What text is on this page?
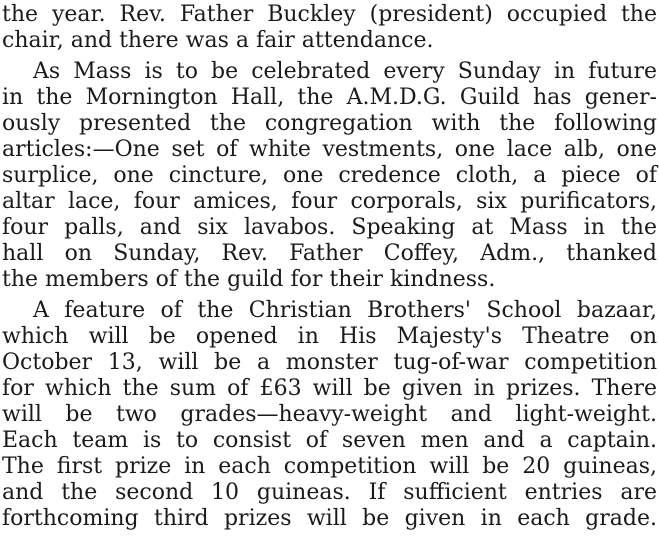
the year. Rev. Father Buckley (president) occupied the
chair, and there was a fair attendance.
As Mass is to be celebrated every Sunday in future
in the Mornington Hall, the A.M.D.G. Guild has gener-
ously presented the congregation with the following
articles:—One set of white vestments, one lace alb, one
surplice, one cincture, one credence cloth, a piece of
altar lace, four amices, four corporals, six purificators,
four palls, and six lavabos. Speaking at Mass in the
hall on Sunday, Rev. Father Coffey, Adm., thanked
the members of the guild for their kindness.
A feature of the Christian Brothers' School bazaar,
which will be opened in His Majesty's Theatre on
October 13, will be a monster tug-of-war competition
for which the sum of £63 will be given in prizes. There
will be two grades—heavy-weight and light-weight.
Each team is to consist of seven men and a captain.
The first prize in each competition will be 20 guineas,
and the second 10 guineas. If sufficient entries are
forthcoming third prizes will be given in each grade.
